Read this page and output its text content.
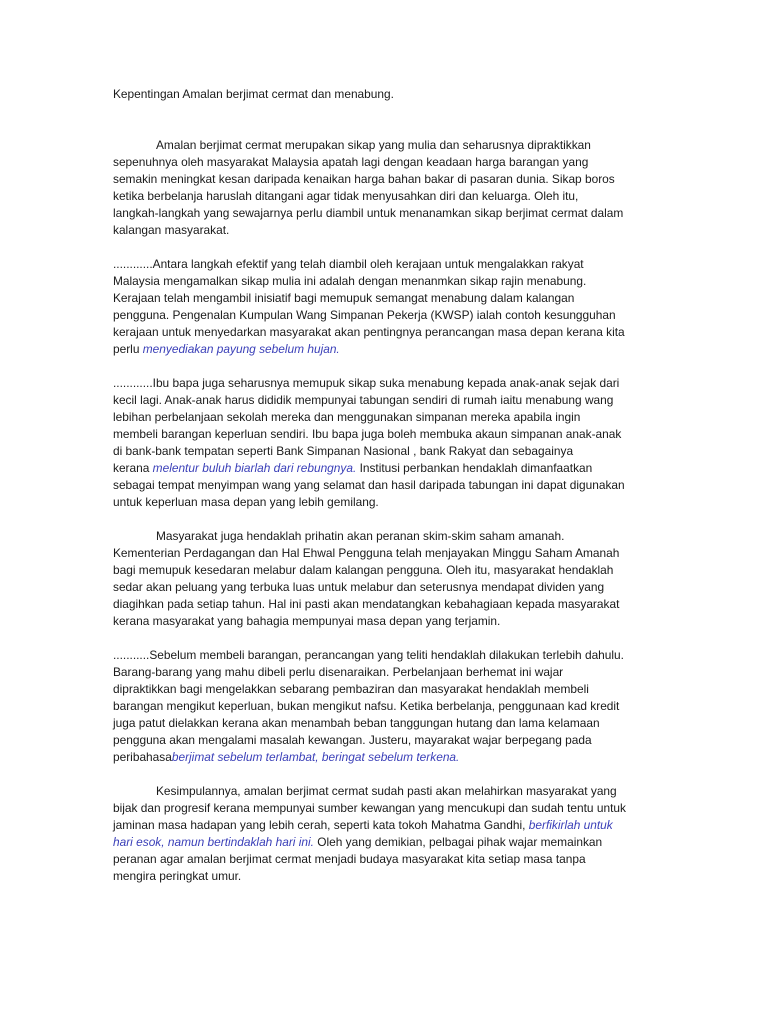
Kepentingan Amalan berjimat cermat dan menabung.

Amalan berjimat cermat merupakan sikap yang mulia dan seharusnya dipraktikkan
sepenuhnya oleh masyarakat Malaysia apatah lagi dengan keadaan harga barangan yang
semakin meningkat kesan daripada kenaikan harga bahan bakar di pasaran dunia. Sikap boros
ketika berbelanja haruslah ditangani agar tidak menyusahkan diri dan keluarga. Oleh itu,
langkah-langkah yang sewajarnya perlu diambil untuk menanamkan sikap berjimat cermat dalam
kalangan masyarakat.
............Antara langkah efektif yang telah diambil oleh kerajaan untuk mengalakkan rakyat
Malaysia mengamalkan sikap mulia ini adalah dengan menanmkan sikap rajin menabung.
Kerajaan telah mengambil inisiatif bagi memupuk semangat menabung dalam kalangan
pengguna. Pengenalan Kumpulan Wang Simpanan Pekerja (KWSP) ialah contoh kesungguhan
kerajaan untuk menyedarkan masyarakat akan pentingnya perancangan masa depan kerana kita
perlu menyediakan payung sebelum hujan.
............Ibu bapa juga seharusnya memupuk sikap suka menabung kepada anak-anak sejak dari
kecil lagi. Anak-anak harus dididik mempunyai tabungan sendiri di rumah iaitu menabung wang
lebihan perbelanjaan sekolah mereka dan menggunakan simpanan mereka apabila ingin
membeli barangan keperluan sendiri. Ibu bapa juga boleh membuka akaun simpanan anak-anak
di bank-bank tempatan seperti Bank Simpanan Nasional , bank Rakyat dan sebagainya
kerana melentur buluh biarlah dari rebungnya. Institusi perbankan hendaklah dimanfaatkan
sebagai tempat menyimpan wang yang selamat dan hasil daripada tabungan ini dapat digunakan
untuk keperluan masa depan yang lebih gemilang.
Masyarakat juga hendaklah prihatin akan peranan skim-skim saham amanah.
Kementerian Perdagangan dan Hal Ehwal Pengguna telah menjayakan Minggu Saham Amanah
bagi memupuk kesedaran melabur dalam kalangan pengguna. Oleh itu, masyarakat hendaklah
sedar akan peluang yang terbuka luas untuk melabur dan seterusnya mendapat dividen yang
diagihkan pada setiap tahun. Hal ini pasti akan mendatangkan kebahagiaan kepada masyarakat
kerana masyarakat yang bahagia mempunyai masa depan yang terjamin.
...........Sebelum membeli barangan, perancangan yang teliti hendaklah dilakukan terlebih dahulu.
Barang-barang yang mahu dibeli perlu disenaraikan. Perbelanjaan berhemat ini wajar
dipraktikkan bagi mengelakkan sebarang pembaziran dan masyarakat hendaklah membeli
barangan mengikut keperluan, bukan mengikut nafsu. Ketika berbelanja, penggunaan kad kredit
juga patut dielakkan kerana akan menambah beban tanggungan hutang dan lama kelamaan
pengguna akan mengalami masalah kewangan. Justeru, mayarakat wajar berpegang pada
peribahasaberjimat sebelum terlambat, beringat sebelum terkena.
Kesimpulannya, amalan berjimat cermat sudah pasti akan melahirkan masyarakat yang
bijak dan progresif kerana mempunyai sumber kewangan yang mencukupi dan sudah tentu untuk
jaminan masa hadapan yang lebih cerah, seperti kata tokoh Mahatma Gandhi, berfikirlah untuk
hari esok, namun bertindaklah hari ini. Oleh yang demikian, pelbagai pihak wajar memainkan
peranan agar amalan berjimat cermat menjadi budaya masyarakat kita setiap masa tanpa
mengira peringkat umur.
